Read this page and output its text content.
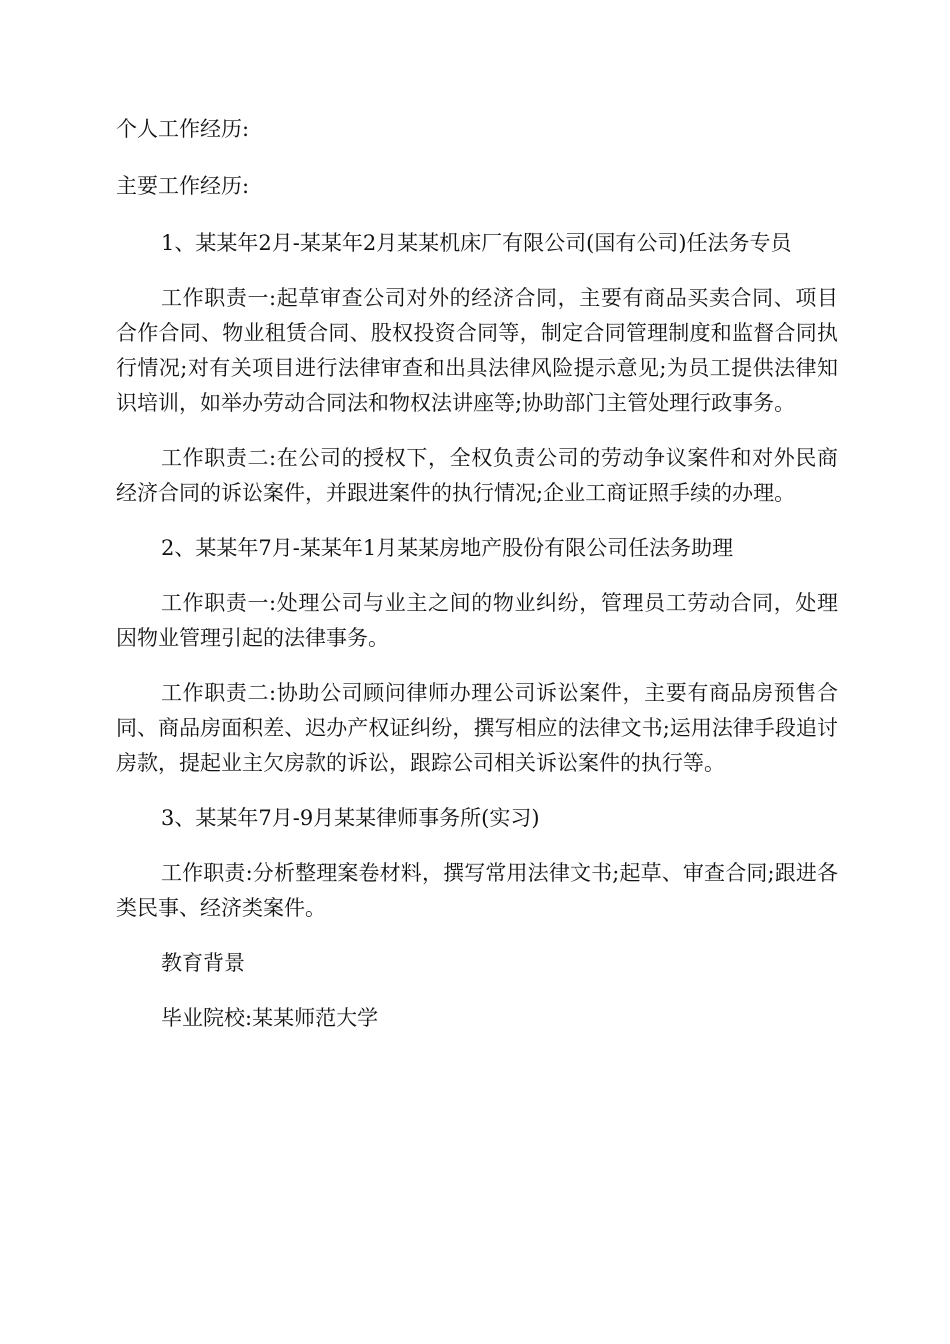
个人工作经历:

主要工作经历:

1、某某年2月-某某年2月某某机床厂有限公司(国有公司)任法务专员

工作职责一:起草审查公司对外的经济合同，主要有商品买卖合同、项目合作合同、物业租赁合同、股权投资合同等，制定合同管理制度和监督合同执行情况;对有关项目进行法律审查和出具法律风险提示意见;为员工提供法律知识培训，如举办劳动合同法和物权法讲座等;协助部门主管处理行政事务。

工作职责二:在公司的授权下，全权负责公司的劳动争议案件和对外民商经济合同的诉讼案件，并跟进案件的执行情况;企业工商证照手续的办理。

2、某某年7月-某某年1月某某房地产股份有限公司任法务助理

工作职责一:处理公司与业主之间的物业纠纷，管理员工劳动合同，处理因物业管理引起的法律事务。

工作职责二:协助公司顾问律师办理公司诉讼案件，主要有商品房预售合同、商品房面积差、迟办产权证纠纷，撰写相应的法律文书;运用法律手段追讨房款，提起业主欠房款的诉讼，跟踪公司相关诉讼案件的执行等。

3、某某年7月-9月某某律师事务所(实习)

工作职责:分析整理案卷材料，撰写常用法律文书;起草、审查合同;跟进各类民事、经济类案件。

教育背景

毕业院校:某某师范大学
